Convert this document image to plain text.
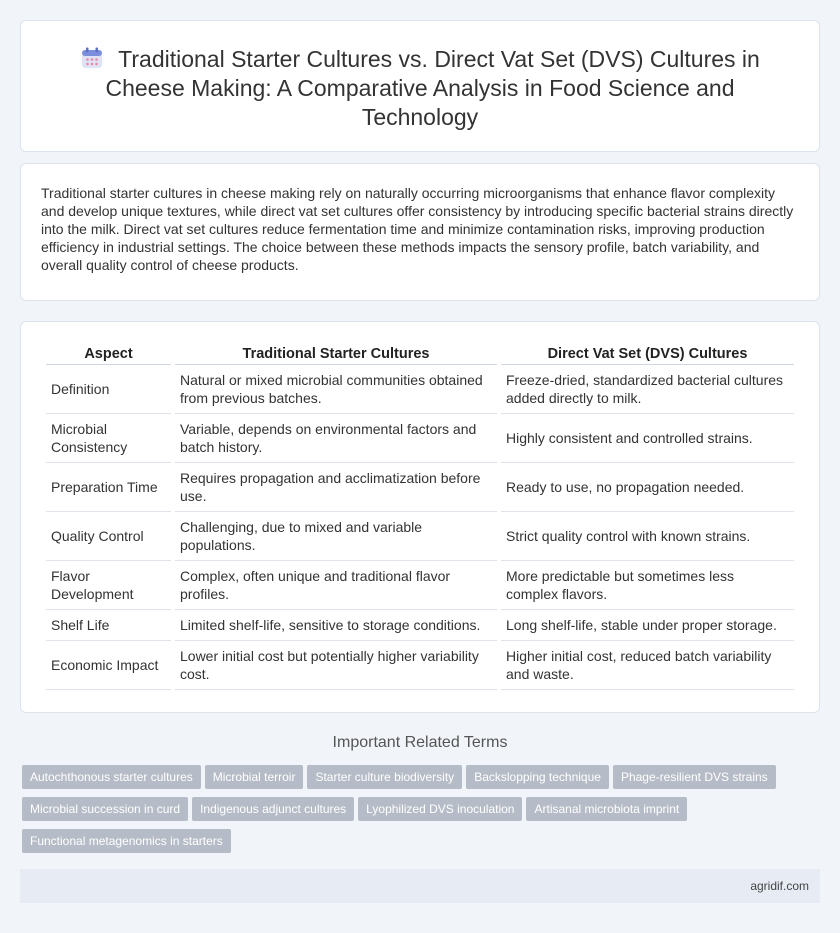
Traditional Starter Cultures vs. Direct Vat Set (DVS) Cultures in Cheese Making: A Comparative Analysis in Food Science and Technology

Traditional starter cultures in cheese making rely on naturally occurring microorganisms that enhance flavor complexity and develop unique textures, while direct vat set cultures offer consistency by introducing specific bacterial strains directly into the milk. Direct vat set cultures reduce fermentation time and minimize contamination risks, improving production efficiency in industrial settings. The choice between these methods impacts the sensory profile, batch variability, and overall quality control of cheese products.

Aspect	Traditional Starter Cultures	Direct Vat Set (DVS) Cultures
Definition	Natural or mixed microbial communities obtained from previous batches.	Freeze-dried, standardized bacterial cultures added directly to milk.
Microbial Consistency	Variable, depends on environmental factors and batch history.	Highly consistent and controlled strains.
Preparation Time	Requires propagation and acclimatization before use.	Ready to use, no propagation needed.
Quality Control	Challenging, due to mixed and variable populations.	Strict quality control with known strains.
Flavor Development	Complex, often unique and traditional flavor profiles.	More predictable but sometimes less complex flavors.
Shelf Life	Limited shelf-life, sensitive to storage conditions.	Long shelf-life, stable under proper storage.
Economic Impact	Lower initial cost but potentially higher variability cost.	Higher initial cost, reduced batch variability and waste.
Important Related Terms
Autochthonous starter cultures Microbial terroir Starter culture biodiversity Backslopping technique Phage-resilient DVS strainsMicrobial succession in curd Indigenous adjunct cultures Lyophilized DVS inoculation Artisanal microbiota imprintFunctional metagenomics in starters
agridif.com
